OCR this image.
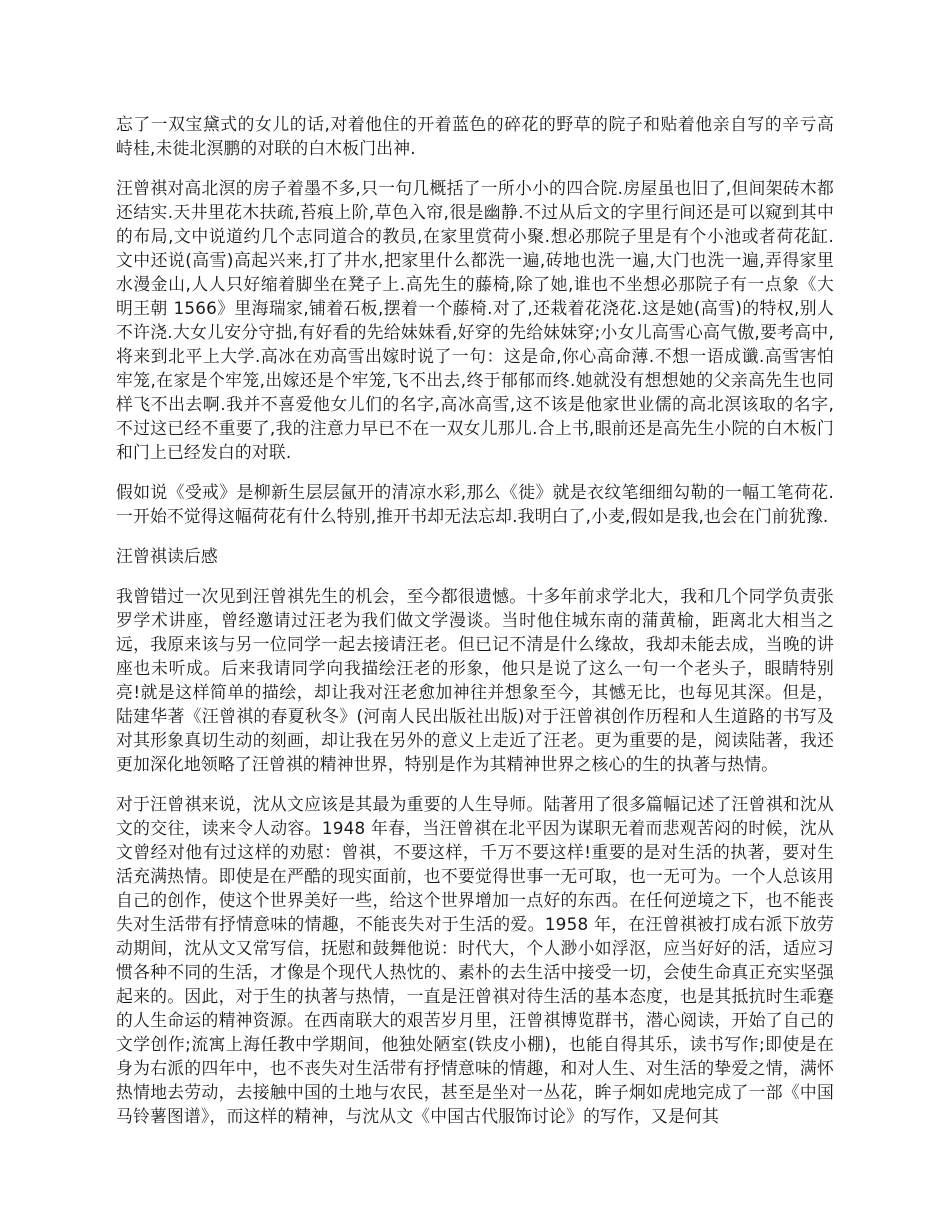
忘了一双宝黛式的女儿的话,对着他住的开着蓝色的碎花的野草的院子和贴着他亲自写的辛亏高峙桂,未徙北溟鹏的对联的白木板门出神.

汪曾祺对高北溟的房子着墨不多,只一句几概括了一所小小的四合院.房屋虽也旧了,但间架砖木都还结实.天井里花木扶疏,苔痕上阶,草色入帘,很是幽静.不过从后文的字里行间还是可以窥到其中的布局,文中说道约几个志同道合的教员,在家里赏荷小聚.想必那院子里是有个小池或者荷花缸.文中还说(高雪)高起兴来,打了井水,把家里什么都洗一遍,砖地也洗一遍,大门也洗一遍,弄得家里水漫金山,人人只好缩着脚坐在凳子上.高先生的藤椅,除了她,谁也不坐想必那院子有一点象《大明王朝 1566》里海瑞家,铺着石板,摆着一个藤椅.对了,还栽着花浇花.这是她(高雪)的特权,别人不许浇.大女儿安分守拙,有好看的先给妹妹看,好穿的先给妹妹穿;小女儿高雪心高气傲,要考高中,将来到北平上大学.高冰在劝高雪出嫁时说了一句：这是命,你心高命薄.不想一语成谶.高雪害怕牢笼,在家是个牢笼,出嫁还是个牢笼,飞不出去,终于郁郁而终.她就没有想想她的父亲高先生也同样飞不出去啊.我并不喜爱他女儿们的名字,高冰高雪,这不该是他家世业儒的高北溟该取的名字,不过这已经不重要了,我的注意力早已不在一双女儿那儿.合上书,眼前还是高先生小院的白木板门和门上已经发白的对联.

假如说《受戒》是柳新生层层氤开的清凉水彩,那么《徙》就是衣纹笔细细勾勒的一幅工笔荷花.一开始不觉得这幅荷花有什么特别,推开书却无法忘却.我明白了,小麦,假如是我,也会在门前犹豫.

汪曾祺读后感

我曾错过一次见到汪曾祺先生的机会，至今都很遗憾。十多年前求学北大，我和几个同学负责张罗学术讲座，曾经邀请过汪老为我们做文学漫谈。当时他住城东南的蒲黄榆，距离北大相当之远，我原来该与另一位同学一起去接请汪老。但已记不清是什么缘故，我却未能去成，当晚的讲座也未听成。后来我请同学向我描绘汪老的形象，他只是说了这么一句一个老头子，眼睛特别亮!就是这样简单的描绘，却让我对汪老愈加神往并想象至今，其憾无比，也每见其深。但是，陆建华著《汪曾祺的春夏秋冬》(河南人民出版社出版)对于汪曾祺创作历程和人生道路的书写及对其形象真切生动的刻画，却让我在另外的意义上走近了汪老。更为重要的是，阅读陆著，我还更加深化地领略了汪曾祺的精神世界，特别是作为其精神世界之核心的生的执著与热情。

对于汪曾祺来说，沈从文应该是其最为重要的人生导师。陆著用了很多篇幅记述了汪曾祺和沈从文的交往，读来令人动容。1948 年春，当汪曾祺在北平因为谋职无着而悲观苦闷的时候，沈从文曾经对他有过这样的劝慰：曾祺，不要这样，千万不要这样!重要的是对生活的执著，要对生活充满热情。即使是在严酷的现实面前，也不要觉得世事一无可取，也一无可为。一个人总该用自己的创作，使这个世界美好一些，给这个世界增加一点好的东西。在任何逆境之下，也不能丧失对生活带有抒情意味的情趣，不能丧失对于生活的爱。1958 年，在汪曾祺被打成右派下放劳动期间，沈从文又常写信，抚慰和鼓舞他说：时代大，个人渺小如浮沤，应当好好的活，适应习惯各种不同的生活，才像是个现代人热忱的、素朴的去生活中接受一切，会使生命真正充实坚强起来的。因此，对于生的执著与热情，一直是汪曾祺对待生活的基本态度，也是其抵抗时生乖蹇的人生命运的精神资源。在西南联大的艰苦岁月里，汪曾祺博览群书，潜心阅读，开始了自己的文学创作;流寓上海任教中学期间，他独处陋室(铁皮小棚)，也能自得其乐，读书写作;即使是在身为右派的四年中，也不丧失对生活带有抒情意味的情趣，和对人生、对生活的挚爱之情，满怀热情地去劳动，去接触中国的土地与农民，甚至是坐对一丛花，眸子炯如虎地完成了一部《中国马铃薯图谱》，而这样的精神，与沈从文《中国古代服饰讨论》的写作，又是何其
